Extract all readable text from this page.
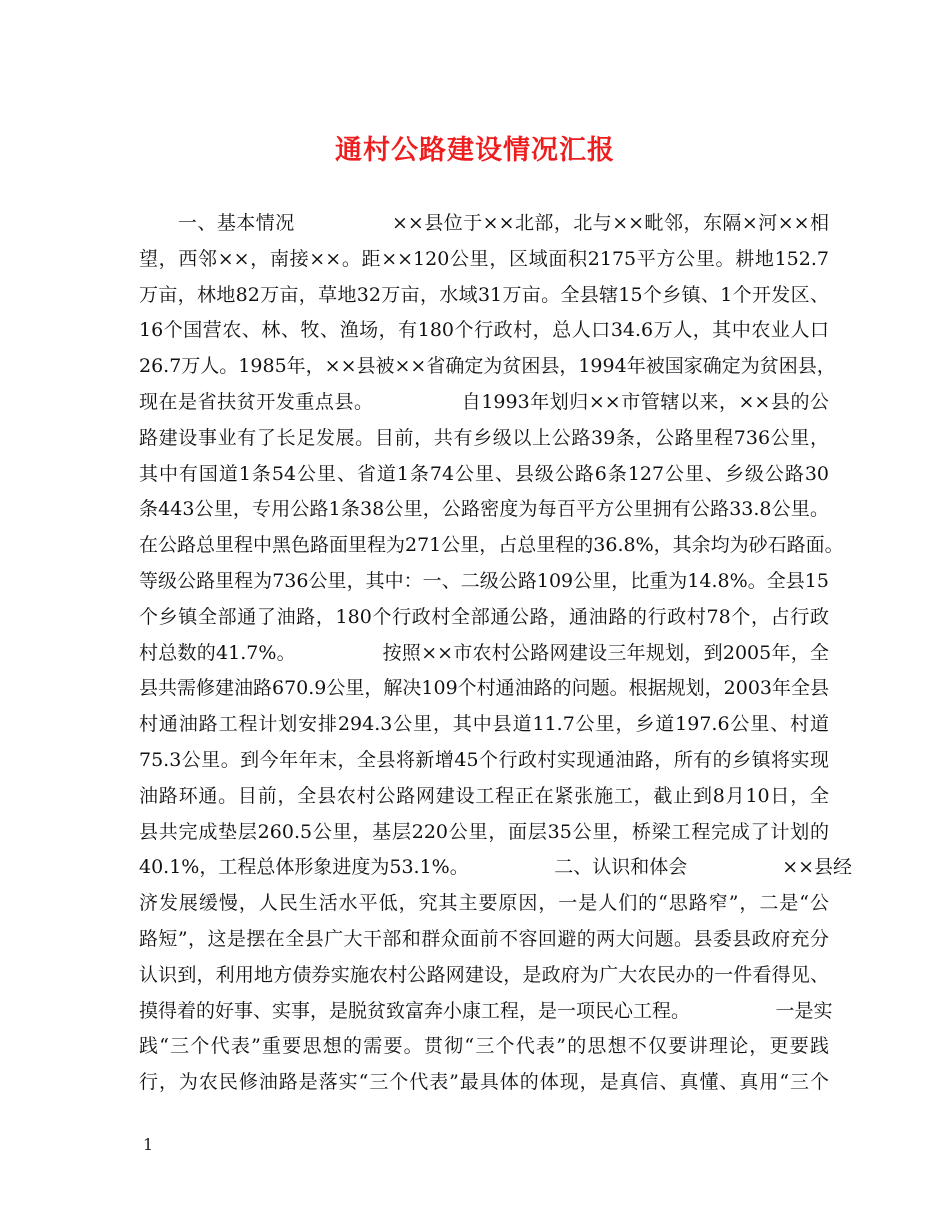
通村公路建设情况汇报
　　一、基本情况　　　　　××县位于××北部，北与××毗邻，东隔×河××相
望，西邻××，南接××。距××120公里，区域面积2175平方公里。耕地152.7
万亩，林地82万亩，草地32万亩，水域31万亩。全县辖15个乡镇、1个开发区、
16个国营农、林、牧、渔场，有180个行政村，总人口34.6万人，其中农业人口
26.7万人。1985年，××县被××省确定为贫困县，1994年被国家确定为贫困县，
现在是省扶贫开发重点县。　　　　　自1993年划归××市管辖以来，××县的公
路建设事业有了长足发展。目前，共有乡级以上公路39条，公路里程736公里，
其中有国道1条54公里、省道1条74公里、县级公路6条127公里、乡级公路30
条443公里，专用公路1条38公里，公路密度为每百平方公里拥有公路33.8公里。
在公路总里程中黑色路面里程为271公里，占总里程的36.8%，其余均为砂石路面。
等级公路里程为736公里，其中：一、二级公路109公里，比重为14.8%。全县15
个乡镇全部通了油路，180个行政村全部通公路，通油路的行政村78个，占行政
村总数的41.7%。　　　　　按照××市农村公路网建设三年规划，到2005年，全
县共需修建油路670.9公里，解决109个村通油路的问题。根据规划，2003年全县
村通油路工程计划安排294.3公里，其中县道11.7公里，乡道197.6公里、村道
75.3公里。到今年年末，全县将新增45个行政村实现通油路，所有的乡镇将实现
油路环通。目前，全县农村公路网建设工程正在紧张施工，截止到8月10日，全
县共完成垫层260.5公里，基层220公里，面层35公里，桥梁工程完成了计划的
40.1%，工程总体形象进度为53.1%。　　　　　二、认识和体会　　　　　××县经
济发展缓慢，人民生活水平低，究其主要原因，一是人们的“思路窄”，二是“公
路短”，这是摆在全县广大干部和群众面前不容回避的两大问题。县委县政府充分
认识到，利用地方债券实施农村公路网建设，是政府为广大农民办的一件看得见、
摸得着的好事、实事，是脱贫致富奔小康工程，是一项民心工程。　　　　　一是实
践“三个代表”重要思想的需要。贯彻“三个代表”的思想不仅要讲理论，更要践
行，为农民修油路是落实“三个代表”最具体的体现，是真信、真懂、真用“三个
1
